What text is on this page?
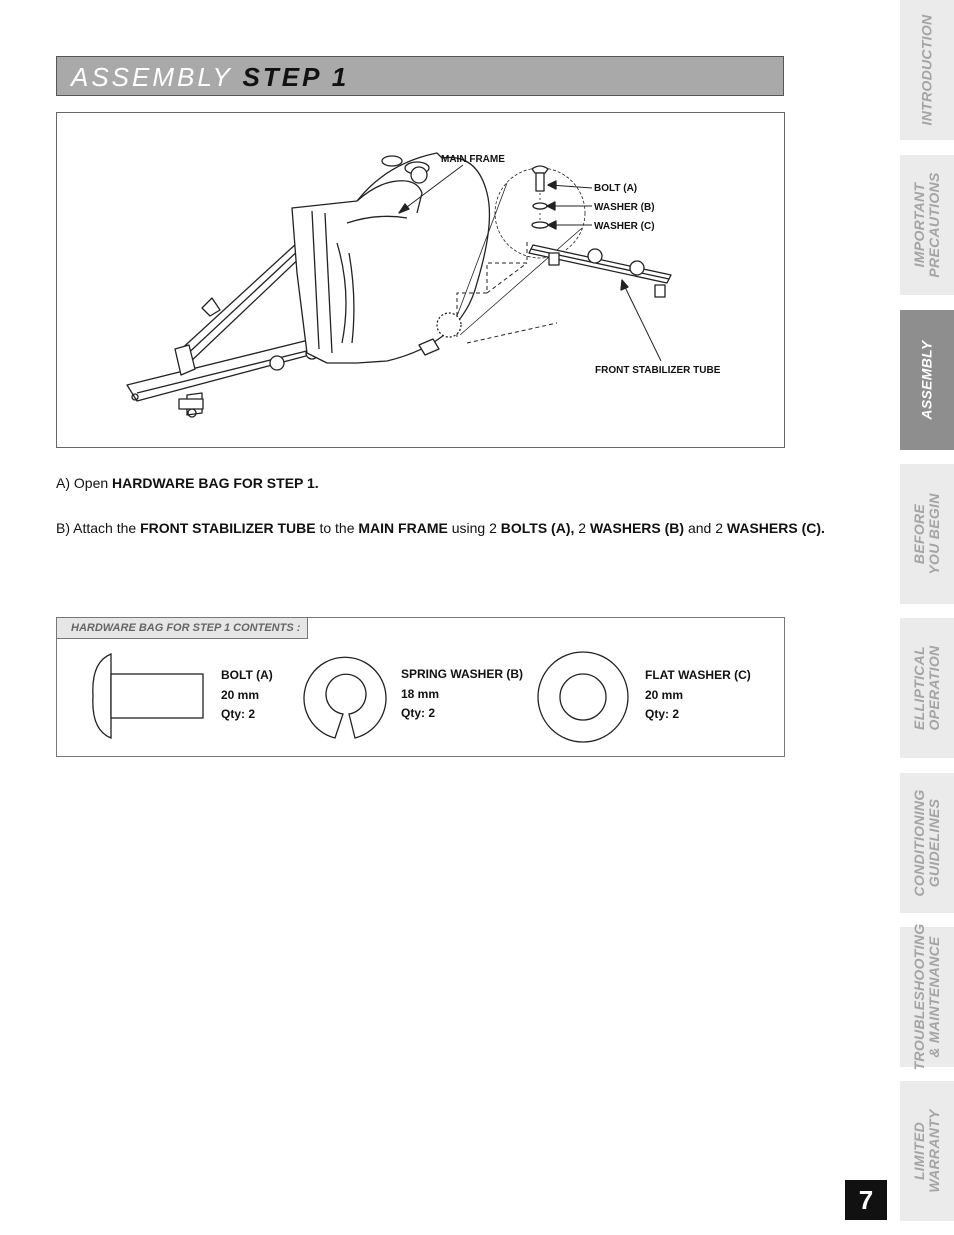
ASSEMBLY STEP 1
MAIN FRAME
BOLT (A)
WASHER (B)
WASHER (C)
FRONT STABILIZER TUBE
A) Open HARDWARE BAG FOR STEP 1.
B) Attach the FRONT STABILIZER TUBE to the MAIN FRAME using 2 BOLTS (A), 2 WASHERS (B) and 2 WASHERS (C).
HARDWARE BAG FOR STEP 1 CONTENTS :
BOLT (A)
20 mm
Qty: 2
SPRING WASHER (B)
18 mm
Qty: 2
FLAT WASHER (C)
20 mm
Qty: 2
INTRODUCTION
IMPORTANT PRECAUTIONS
ASSEMBLY
BEFORE YOU BEGIN
ELLIPTICAL OPERATION
CONDITIONING GUIDELINES
TROUBLESHOOTING & MAINTENANCE
LIMITED WARRANTY
7
